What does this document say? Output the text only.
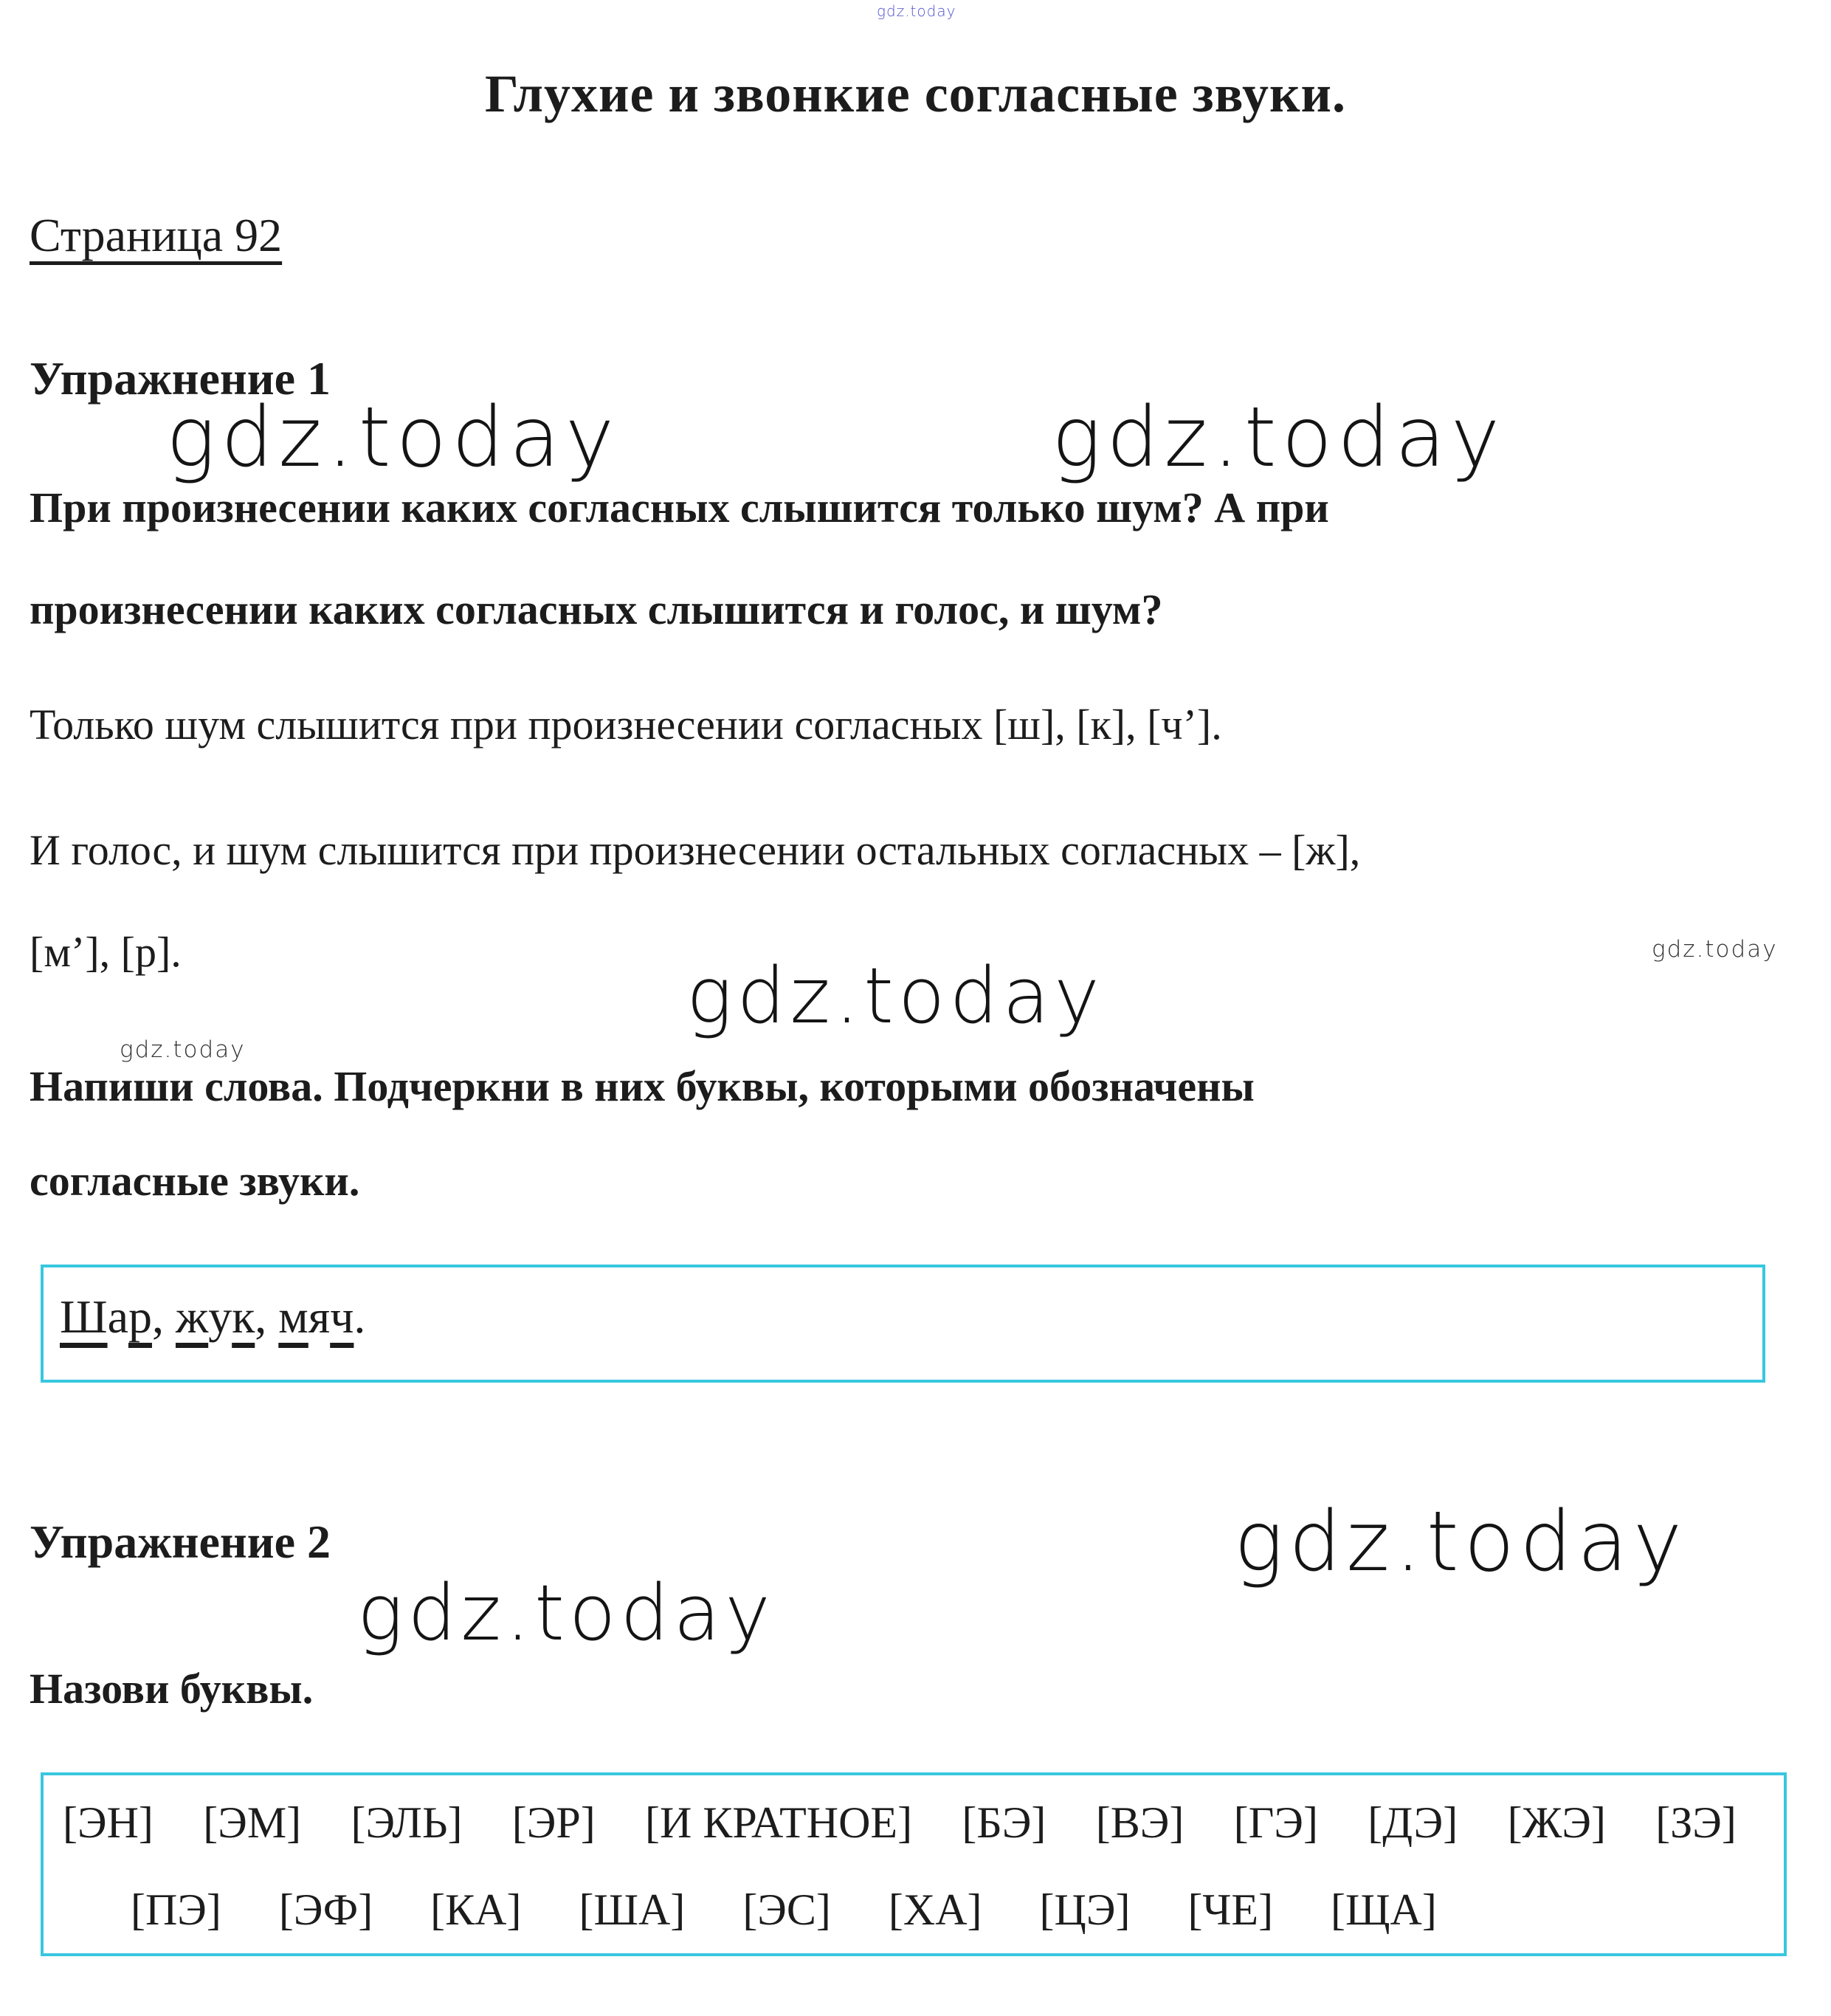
gdz.today
gdz.today	gdz.today
gdz.today
gdz.today
gdz.today
gdz.today
gdz.today
Глухие и звонкие согласные звуки.
Страница 92
Упражнение 1
При произнесении каких согласных слышится только шум? А при
произнесении каких согласных слышится и голос, и шум?
Только шум слышится при произнесении согласных [ш], [к], [ч’].
И голос, и шум слышится при произнесении остальных согласных – [ж],
[м’], [р].
Напиши слова. Подчеркни в них буквы, которыми обозначены
согласные звуки.
Шар, жук, мяч.
Упражнение 2
Назови буквы.
[ЭН] [ЭМ] [ЭЛЬ] [ЭР] [И КРАТНОЕ] [БЭ] [ВЭ] [ГЭ] [ДЭ] [ЖЭ] [ЗЭ]
[ПЭ] [ЭФ] [КА] [ША] [ЭС] [ХА] [ЦЭ] [ЧЕ] [ЩА]
